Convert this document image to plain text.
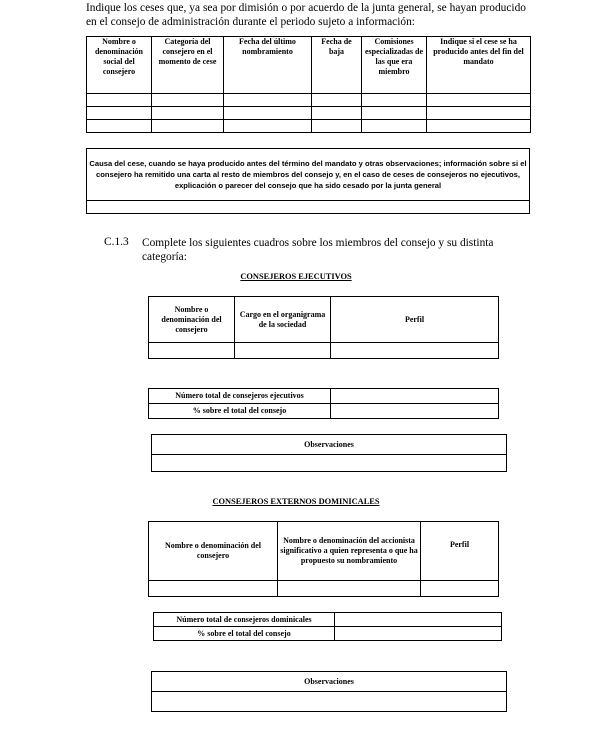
Indique los ceses que, ya sea por dimisión o por acuerdo de la junta general, se hayan producido en el consejo de administración durante el periodo sujeto a información:
Nombre o denominación social del consejero	Categoría del consejero en el momento de cese	Fecha del último nombramiento	Fecha de baja	Comisiones especializadas de las que era miembro	Indique si el cese se ha producido antes del fin del mandato

Causa del cese, cuando se haya producido antes del término del mandato y otras observaciones; información sobre si el consejero ha remitido una carta al resto de miembros del consejo y, en el caso de ceses de consejeros no ejecutivos, explicación o parecer del consejo que ha sido cesado por la junta general

C.1.3 Complete los siguientes cuadros sobre los miembros del consejo y su distinta categoría:
CONSEJEROS EJECUTIVOS
Nombre o denominación del consejero	Cargo en el organigrama de la sociedad	Perfil

Número total de consejeros ejecutivos	
% sobre el total del consejo	
Observaciones

CONSEJEROS EXTERNOS DOMINICALES
Nombre o denominación del consejero	Nombre o denominación del accionista significativo a quien representa o que ha propuesto su nombramiento	Perfil

Número total de consejeros dominicales	
% sobre el total del consejo	
Observaciones
